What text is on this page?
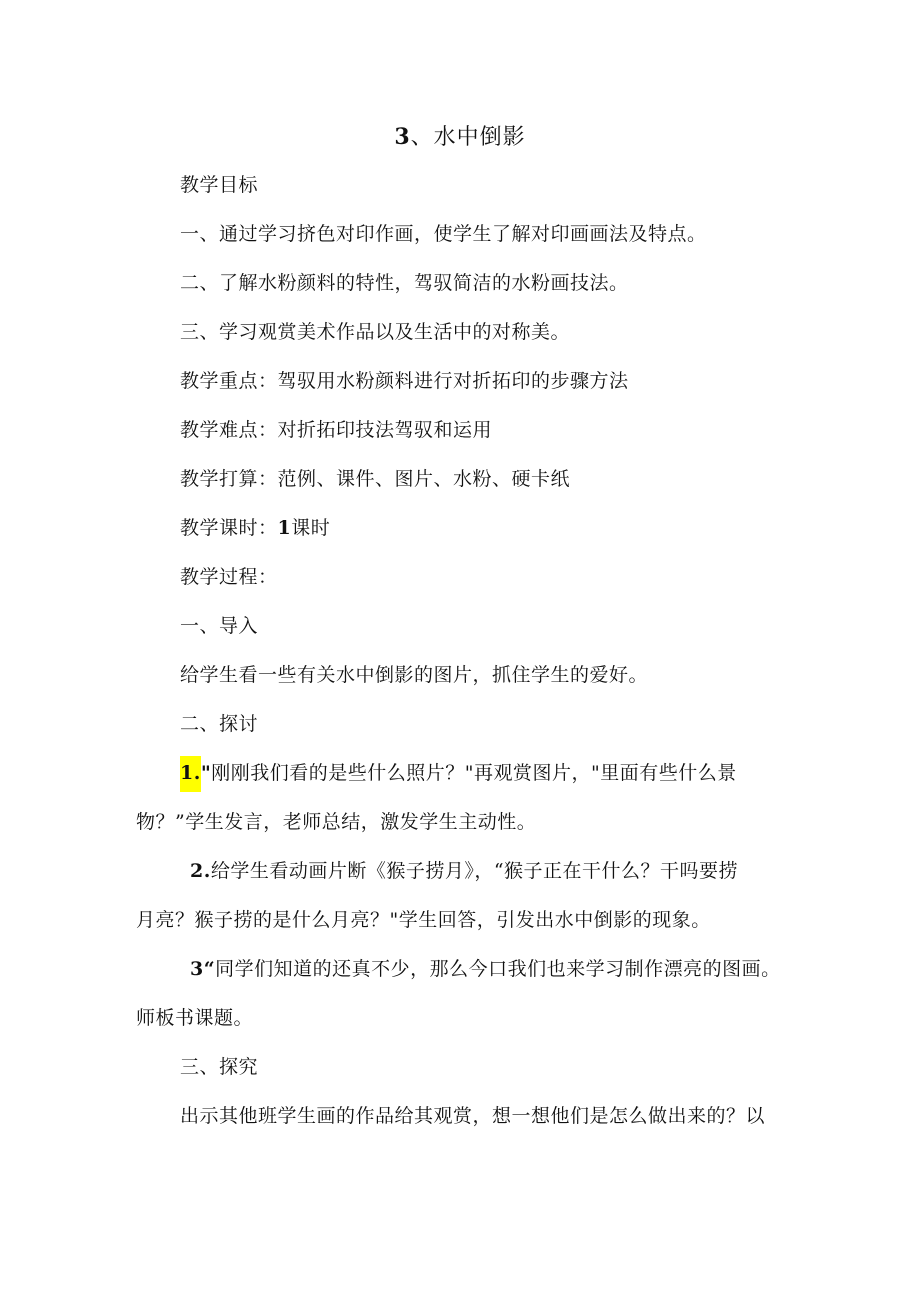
3、水中倒影
教学目标
一、通过学习挤色对印作画，使学生了解对印画画法及特点。
二、了解水粉颜料的特性，驾驭简洁的水粉画技法。
三、学习观赏美术作品以及生活中的对称美。
教学重点：驾驭用水粉颜料进行对折拓印的步骤方法
教学难点：对折拓印技法驾驭和运用
教学打算：范例、课件、图片、水粉、硬卡纸
教学课时：1课时
教学过程：
一、导入
给学生看一些有关水中倒影的图片，抓住学生的爱好。
二、探讨
1."刚刚我们看的是些什么照片？"再观赏图片，"里面有些什么景
物？”学生发言，老师总结，激发学生主动性。
2.给学生看动画片断《猴子捞月》，“猴子正在干什么？干吗要捞
月亮？猴子捞的是什么月亮？"学生回答，引发出水中倒影的现象。
3“同学们知道的还真不少，那么今口我们也来学习制作漂亮的图画。
师板书课题。
三、探究
出示其他班学生画的作品给其观赏，想一想他们是怎么做出来的？以
